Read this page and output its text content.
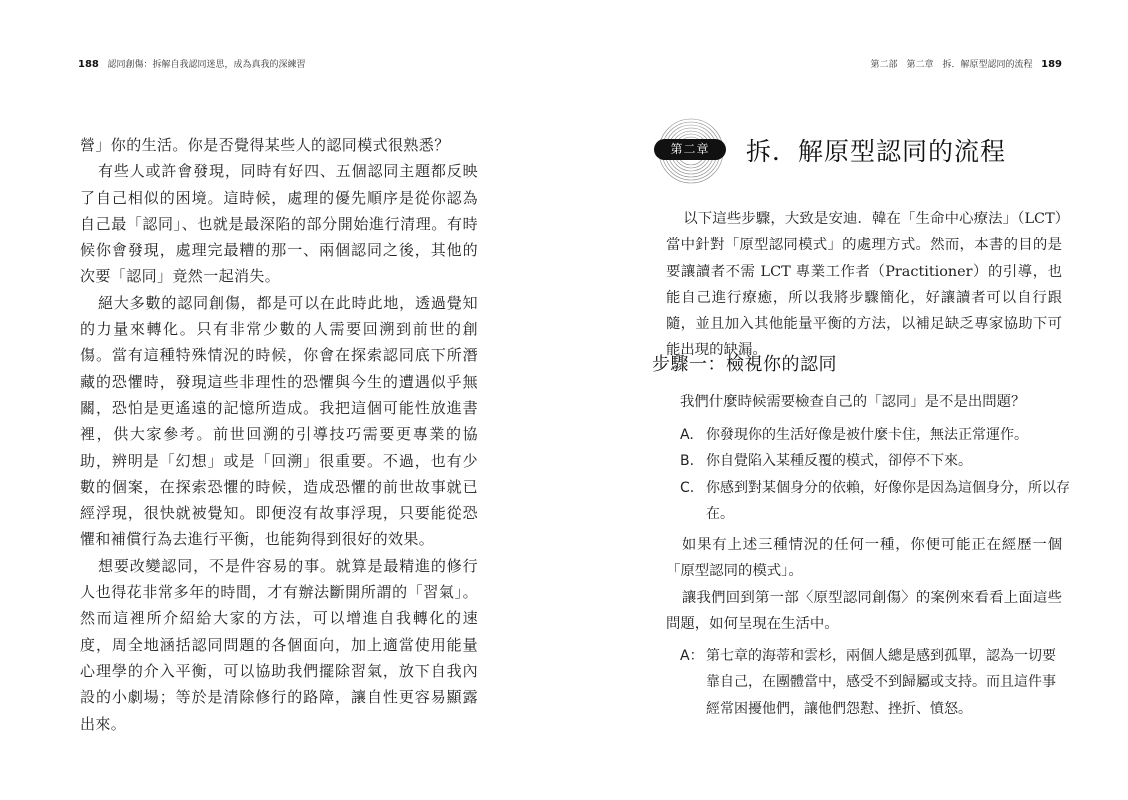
188 認同創傷：拆解自我認同迷思，成為真我的深練習

營」你的生活。你是否覺得某些人的認同模式很熟悉？

有些人或許會發現，同時有好四、五個認同主題都反映了自己相似的困境。這時候，處理的優先順序是從你認為自己最「認同」、也就是最深陷的部分開始進行清理。有時候你會發現，處理完最糟的那一、兩個認同之後，其他的次要「認同」竟然一起消失。

絕大多數的認同創傷，都是可以在此時此地，透過覺知的力量來轉化。只有非常少數的人需要回溯到前世的創傷。當有這種特殊情況的時候，你會在探索認同底下所潛藏的恐懼時，發現這些非理性的恐懼與今生的遭遇似乎無關，恐怕是更遙遠的記憶所造成。我把這個可能性放進書裡，供大家參考。前世回溯的引導技巧需要更專業的協助，辨明是「幻想」或是「回溯」很重要。不過，也有少數的個案，在探索恐懼的時候，造成恐懼的前世故事就已經浮現，很快就被覺知。即便沒有故事浮現，只要能從恐懼和補償行為去進行平衡，也能夠得到很好的效果。

想要改變認同，不是件容易的事。就算是最精進的修行人也得花非常多年的時間，才有辦法斷開所謂的「習氣」。然而這裡所介紹給大家的方法，可以增進自我轉化的速度，周全地涵括認同問題的各個面向，加上適當使用能量心理學的介入平衡，可以協助我們擺除習氣，放下自我內設的小劇場；等於是清除修行的路障，讓自性更容易顯露出來。

第二部　第二章　拆．解原型認同的流程 189
第二章	拆．解原型認同的流程

以下這些步驟，大致是安迪．韓在「生命中心療法」（LCT）當中針對「原型認同模式」的處理方式。然而，本書的目的是要讓讀者不需 LCT 專業工作者（Practitioner）的引導，也能自己進行療癒，所以我將步驟簡化，好讓讀者可以自行跟隨，並且加入其他能量平衡的方法，以補足缺乏專家協助下可能出現的缺漏。

步驟一：檢視你的認同
我們什麼時候需要檢查自己的「認同」是不是出問題？
A. 你發現你的生活好像是被什麼卡住，無法正常運作。
B. 你自覺陷入某種反覆的模式，卻停不下來。
C. 你感到對某個身分的依賴，好像你是因為這個身分，所以存在。
如果有上述三種情況的任何一種，你便可能正在經歷一個「原型認同的模式」。
讓我們回到第一部〈原型認同創傷〉的案例來看看上面這些問題，如何呈現在生活中。
A： 第七章的海蒂和雲杉，兩個人總是感到孤單，認為一切要靠自己，在團體當中，感受不到歸屬或支持。而且這件事經常困擾他們，讓他們怨懟、挫折、憤怒。
